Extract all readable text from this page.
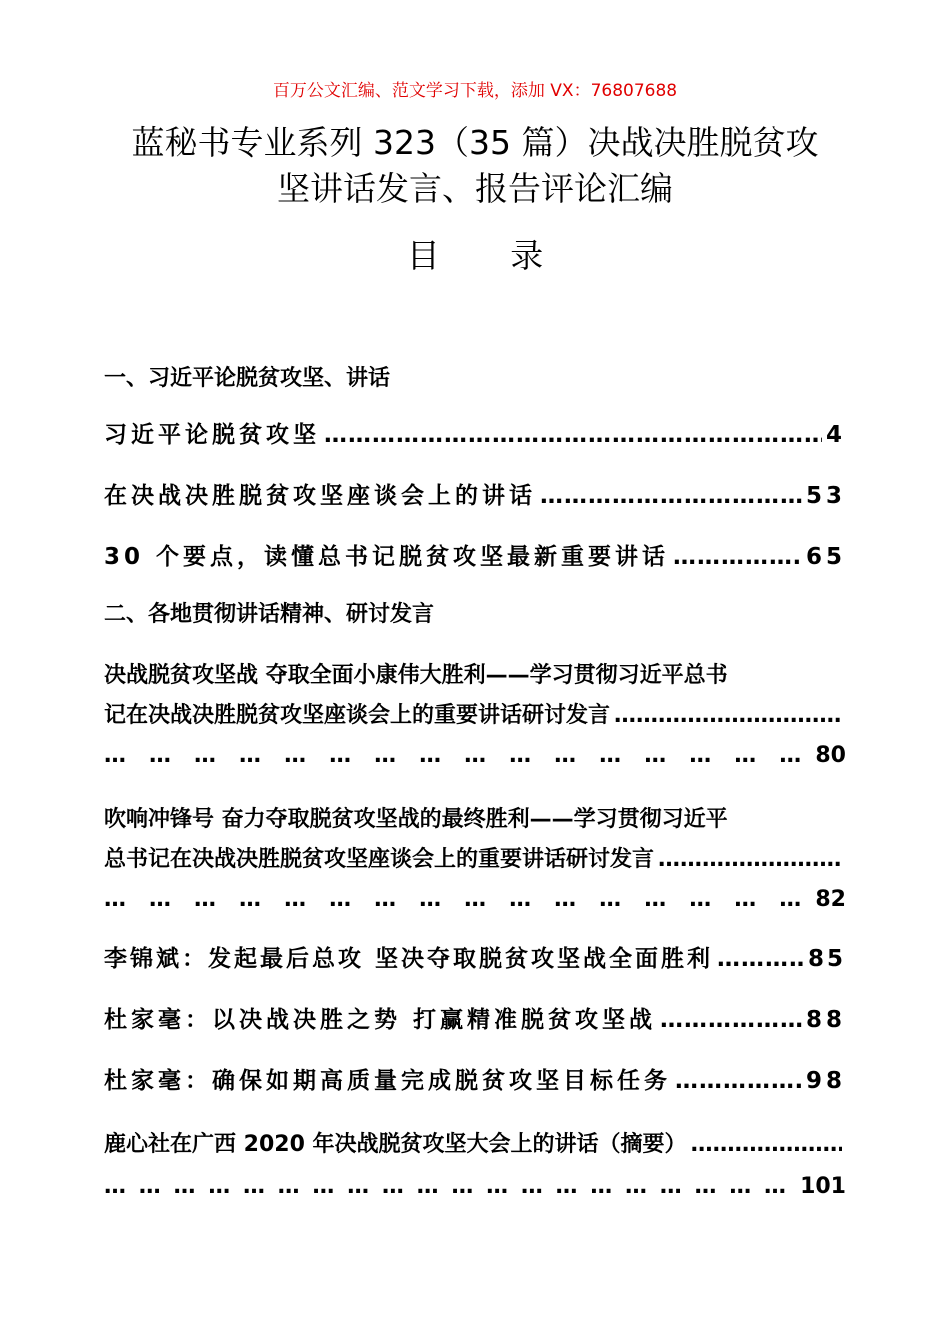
百万公文汇编、范文学习下载，添加 VX：76807688
蓝秘书专业系列 323（35 篇）决战决胜脱贫攻
坚讲话发言、报告评论汇编
目 录
一、习近平论脱贫攻坚、讲话
习近平论脱贫攻坚 ……………………………………………………………………………………………………………………	4
在决战决胜脱贫攻坚座谈会上的讲话 ……………………………………………………………………………………………………………………	53
30 个要点，读懂总书记脱贫攻坚最新重要讲话 ……………………………………………………………………………………………………………………	65
二、各地贯彻讲话精神、研讨发言
决战脱贫攻坚战 夺取全面小康伟大胜利——学习贯彻习近平总书
记在决战决胜脱贫攻坚座谈会上的重要讲话研讨发言
……………………………………………………………………………………………………………………
… … … … … … … … … … … … … … … … 80
吹响冲锋号 奋力夺取脱贫攻坚战的最终胜利——学习贯彻习近平
总书记在决战决胜脱贫攻坚座谈会上的重要讲话研讨发言
……………………………………………………………………………………………………………………
… … … … … … … … … … … … … … … … 82
李锦斌：发起最后总攻 坚决夺取脱贫攻坚战全面胜利 ……………………………………………………………………………………………………………………	85
杜家毫：以决战决胜之势 打赢精准脱贫攻坚战 ……………………………………………………………………………………………………………………	88
杜家毫：确保如期高质量完成脱贫攻坚目标任务 ……………………………………………………………………………………………………………………	98
鹿心社在广西 2020 年决战脱贫攻坚大会上的讲话（摘要）
……………………………………………………………………………………………………………………
… … … … … … … … … … … … … … … … … … … … 101
